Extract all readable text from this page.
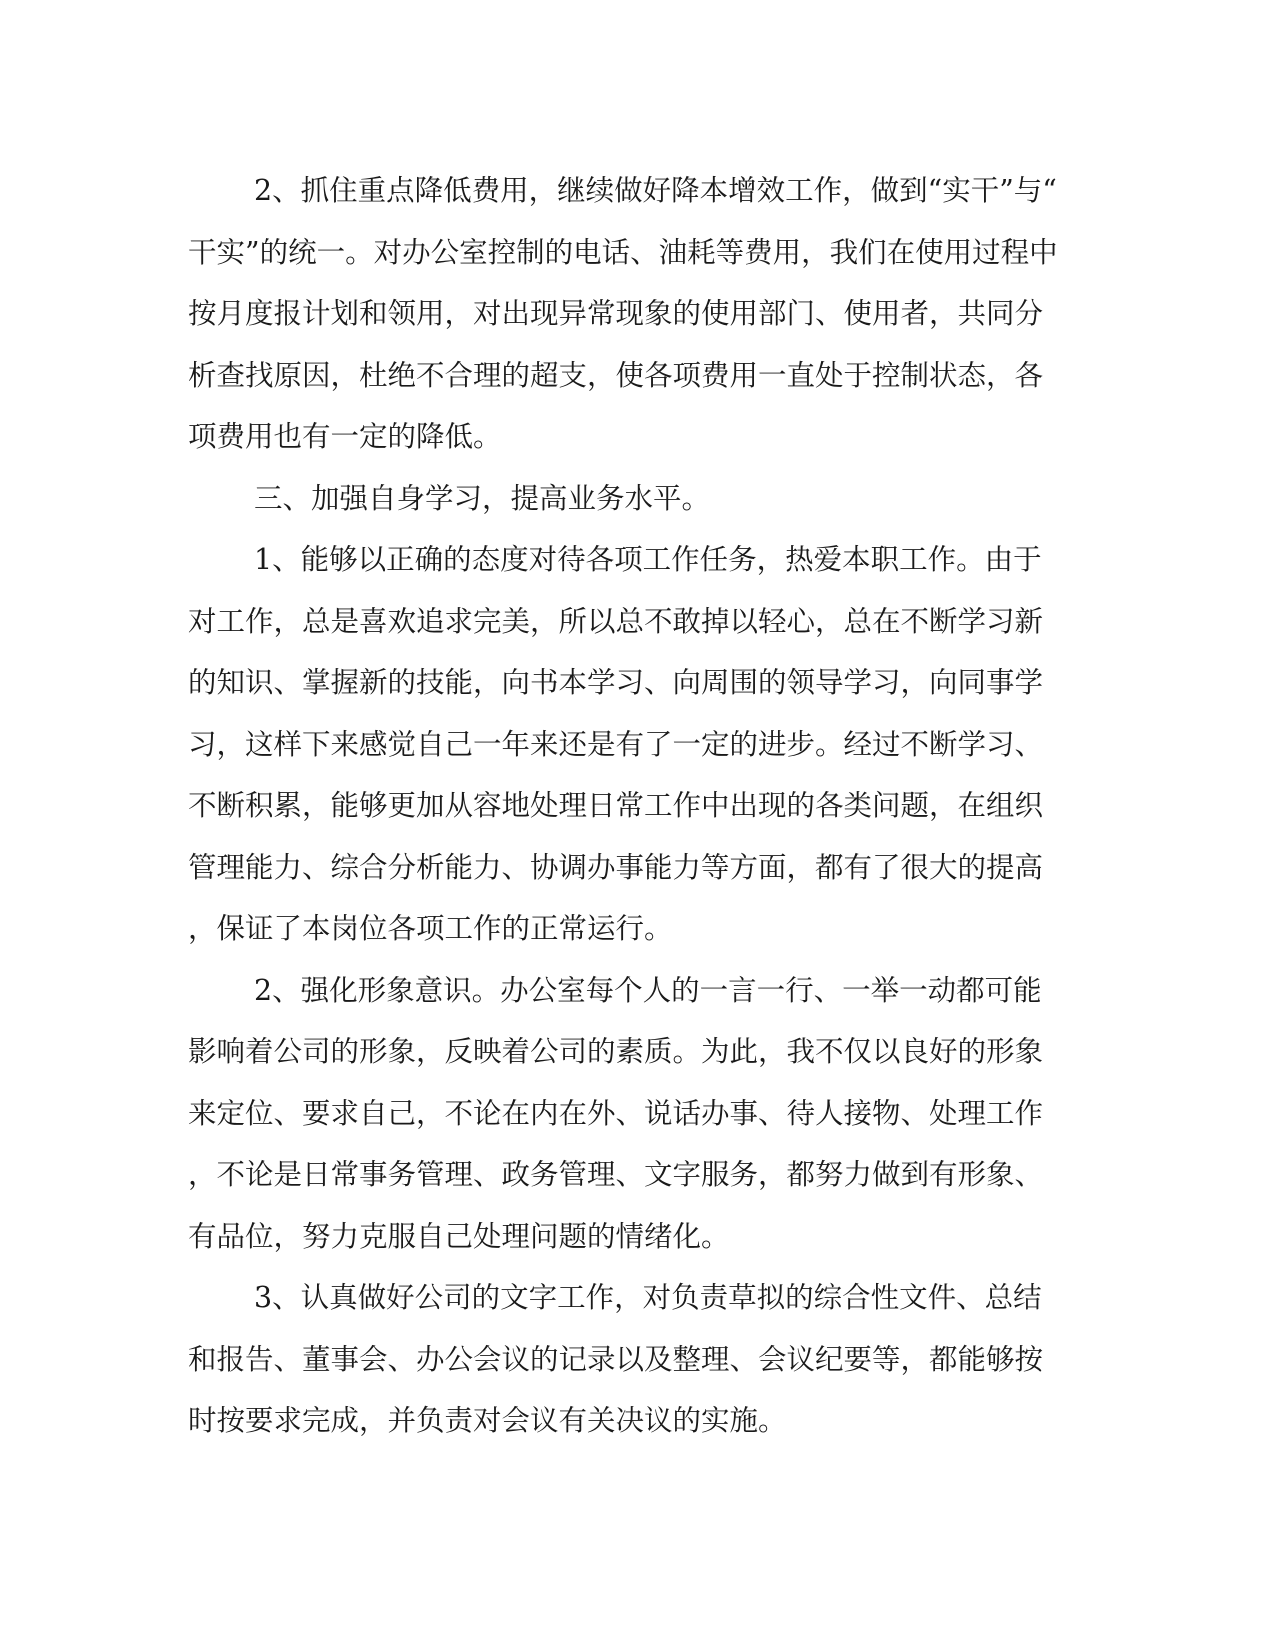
2、抓住重点降低费用，继续做好降本增效工作，做到“实干”与“
干实”的统一。对办公室控制的电话、油耗等费用，我们在使用过程中
按月度报计划和领用，对出现异常现象的使用部门、使用者，共同分
析查找原因，杜绝不合理的超支，使各项费用一直处于控制状态，各
项费用也有一定的降低。
三、加强自身学习，提高业务水平。
1、能够以正确的态度对待各项工作任务，热爱本职工作。由于
对工作，总是喜欢追求完美，所以总不敢掉以轻心，总在不断学习新
的知识、掌握新的技能，向书本学习、向周围的领导学习，向同事学
习，这样下来感觉自己一年来还是有了一定的进步。经过不断学习、
不断积累，能够更加从容地处理日常工作中出现的各类问题，在组织
管理能力、综合分析能力、协调办事能力等方面，都有了很大的提高
，保证了本岗位各项工作的正常运行。
2、强化形象意识。办公室每个人的一言一行、一举一动都可能
影响着公司的形象，反映着公司的素质。为此，我不仅以良好的形象
来定位、要求自己，不论在内在外、说话办事、待人接物、处理工作
，不论是日常事务管理、政务管理、文字服务，都努力做到有形象、
有品位，努力克服自己处理问题的情绪化。
3、认真做好公司的文字工作，对负责草拟的综合性文件、总结
和报告、董事会、办公会议的记录以及整理、会议纪要等，都能够按
时按要求完成，并负责对会议有关决议的实施。
